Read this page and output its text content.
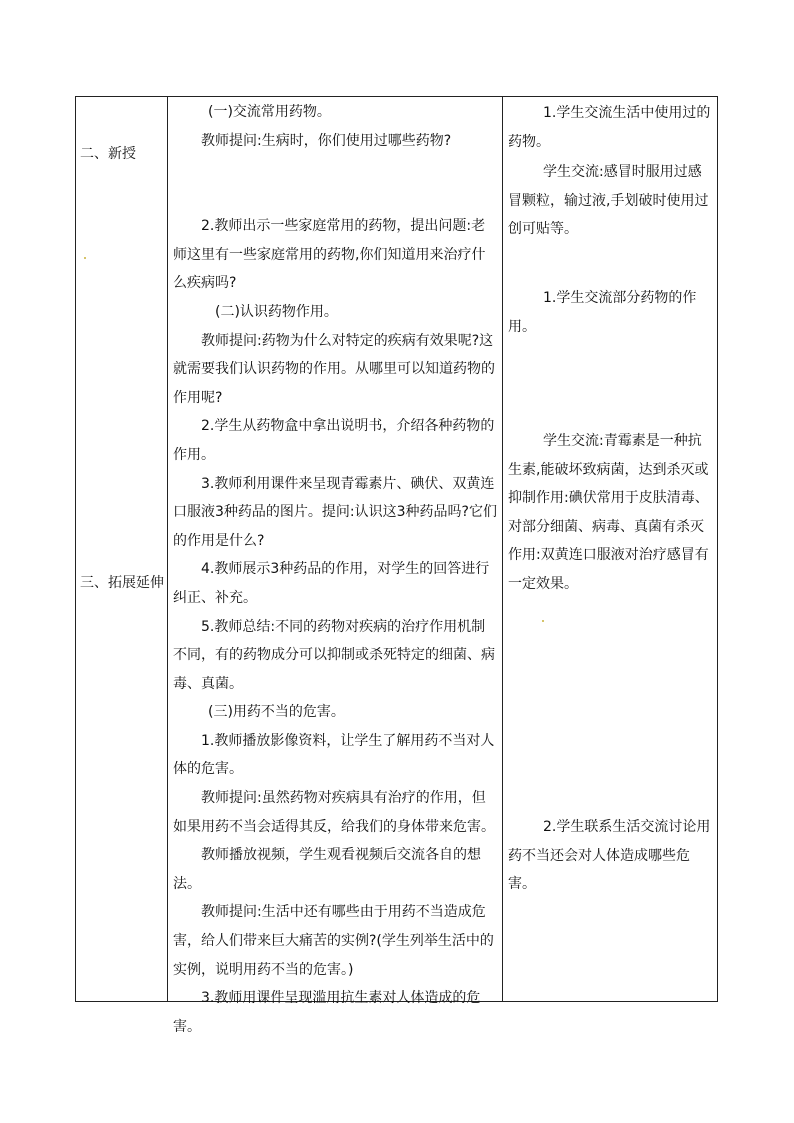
二、新授
三、拓展延伸

(一)交流常用药物。

教师提问:生病时，你们使用过哪些药物?

2.教师出示一些家庭常用的药物，提出问题:老师这里有一些家庭常用的药物,你们知道用来治疗什么疾病吗?

(二)认识药物作用。

教师提问:药物为什么对特定的疾病有效果呢?这就需要我们认识药物的作用。从哪里可以知道药物的作用呢?

2.学生从药物盒中拿出说明书，介绍各种药物的作用。

3.教师利用课件来呈现青霉素片、碘伏、双黄连口服液3种药品的图片。提问:认识这3种药品吗?它们的作用是什么?

4.教师展示3种药品的作用，对学生的回答进行纠正、补充。

5.教师总结:不同的药物对疾病的治疗作用机制不同，有的药物成分可以抑制或杀死特定的细菌、病毒、真菌。

(三)用药不当的危害。

1.教师播放影像资料，让学生了解用药不当对人体的危害。

教师提问:虽然药物对疾病具有治疗的作用，但如果用药不当会适得其反，给我们的身体带来危害。

教师播放视频，学生观看视频后交流各自的想法。

教师提问:生活中还有哪些由于用药不当造成危害，给人们带来巨大痛苦的实例?(学生列举生活中的实例，说明用药不当的危害。)

3.教师用课件呈现滥用抗生素对人体造成的危害。

1.学生交流生活中使用过的药物。

学生交流:感冒时服用过感冒颗粒，输过液,手划破时使用过创可贴等。

1.学生交流部分药物的作用。

学生交流:青霉素是一种抗生素,能破坏致病菌，达到杀灭或抑制作用:碘伏常用于皮肤清毒、对部分细菌、病毒、真菌有杀灭作用:双黄连口服液对治疗感冒有一定效果。

2.学生联系生活交流讨论用药不当还会对人体造成哪些危害。
